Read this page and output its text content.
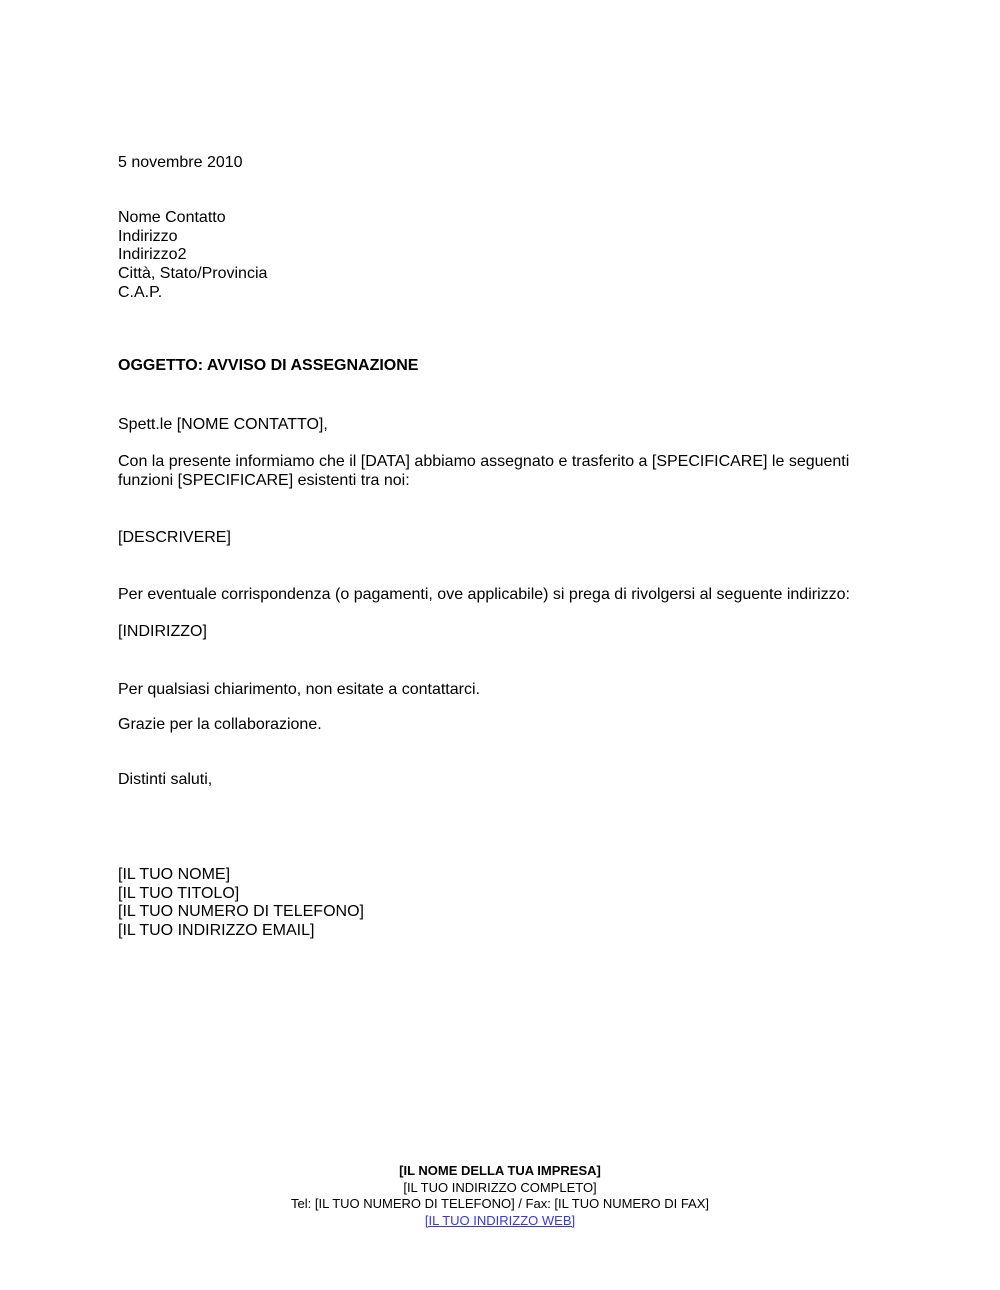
5 novembre 2010
Nome Contatto
Indirizzo
Indirizzo2
Città, Stato/Provincia
C.A.P.
OGGETTO: AVVISO DI ASSEGNAZIONE
Spett.le [NOME CONTATTO],
Con la presente informiamo che il [DATA] abbiamo assegnato e trasferito a [SPECIFICARE] le seguenti funzioni [SPECIFICARE] esistenti tra noi:
[DESCRIVERE]
Per eventuale corrispondenza (o pagamenti, ove applicabile) si prega di rivolgersi al seguente indirizzo:
[INDIRIZZO]
Per qualsiasi chiarimento, non esitate a contattarci.
Grazie per la collaborazione.
Distinti saluti,
[IL TUO NOME]
[IL TUO TITOLO]
[IL TUO NUMERO DI TELEFONO]
[IL TUO INDIRIZZO EMAIL]
[IL NOME DELLA TUA IMPRESA]
[IL TUO INDIRIZZO COMPLETO]
Tel: [IL TUO NUMERO DI TELEFONO] / Fax: [IL TUO NUMERO DI FAX]
[IL TUO INDIRIZZO WEB]
